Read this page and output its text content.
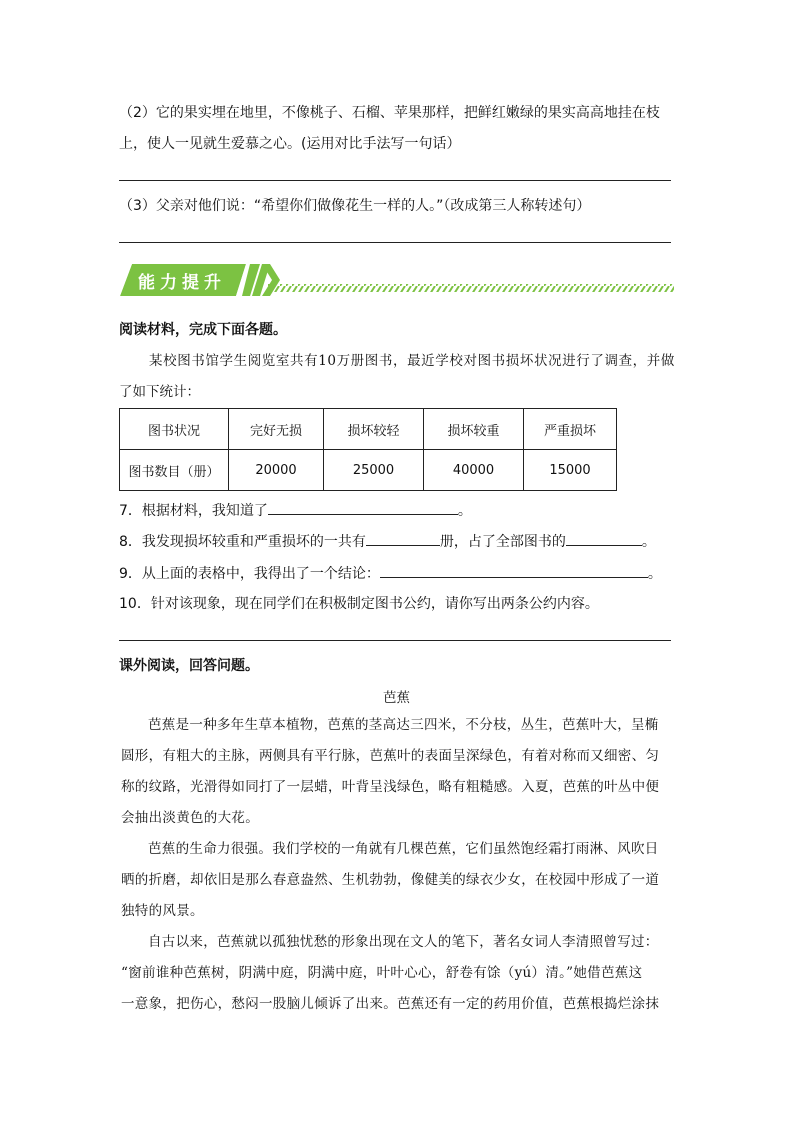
（2）它的果实埋在地里，不像桃子、石榴、苹果那样，把鲜红嫩绿的果实高高地挂在枝
上，使人一见就生爱慕之心。(运用对比手法写一句话）
（3）父亲对他们说：“希望你们做像花生一样的人。”（改成第三人称转述句）
能力提升
阅读材料，完成下面各题。
某校图书馆学生阅览室共有10万册图书，最近学校对图书损坏状况进行了调查，并做
了如下统计：
图书状况	完好无损	损坏较轻	损坏较重	严重损坏
图书数目（册）	20000	25000	40000	15000
7．根据材料，我知道了	。
8．我发现损坏较重和严重损坏的一共有	册，占了全部图书的	。
9．从上面的表格中，我得出了一个结论：	。
10．针对该现象，现在同学们在积极制定图书公约，请你写出两条公约内容。
课外阅读，回答问题。
芭蕉
芭蕉是一种多年生草本植物，芭蕉的茎高达三四米，不分枝，丛生，芭蕉叶大，呈椭
圆形，有粗大的主脉，两侧具有平行脉，芭蕉叶的表面呈深绿色，有着对称而又细密、匀
称的纹路，光滑得如同打了一层蜡，叶背呈浅绿色，略有粗糙感。入夏，芭蕉的叶丛中便
会抽出淡黄色的大花。
芭蕉的生命力很强。我们学校的一角就有几棵芭蕉，它们虽然饱经霜打雨淋、风吹日
晒的折磨，却依旧是那么春意盎然、生机勃勃，像健美的绿衣少女，在校园中形成了一道
独特的风景。
自古以来，芭蕉就以孤独忧愁的形象出现在文人的笔下，著名女词人李清照曾写过：
“窗前谁种芭蕉树，阴满中庭，阴满中庭，叶叶心心，舒卷有馀（yú）清。”她借芭蕉这
一意象，把伤心，愁闷一股脑儿倾诉了出来。芭蕉还有一定的药用价值，芭蕉根捣烂涂抹
